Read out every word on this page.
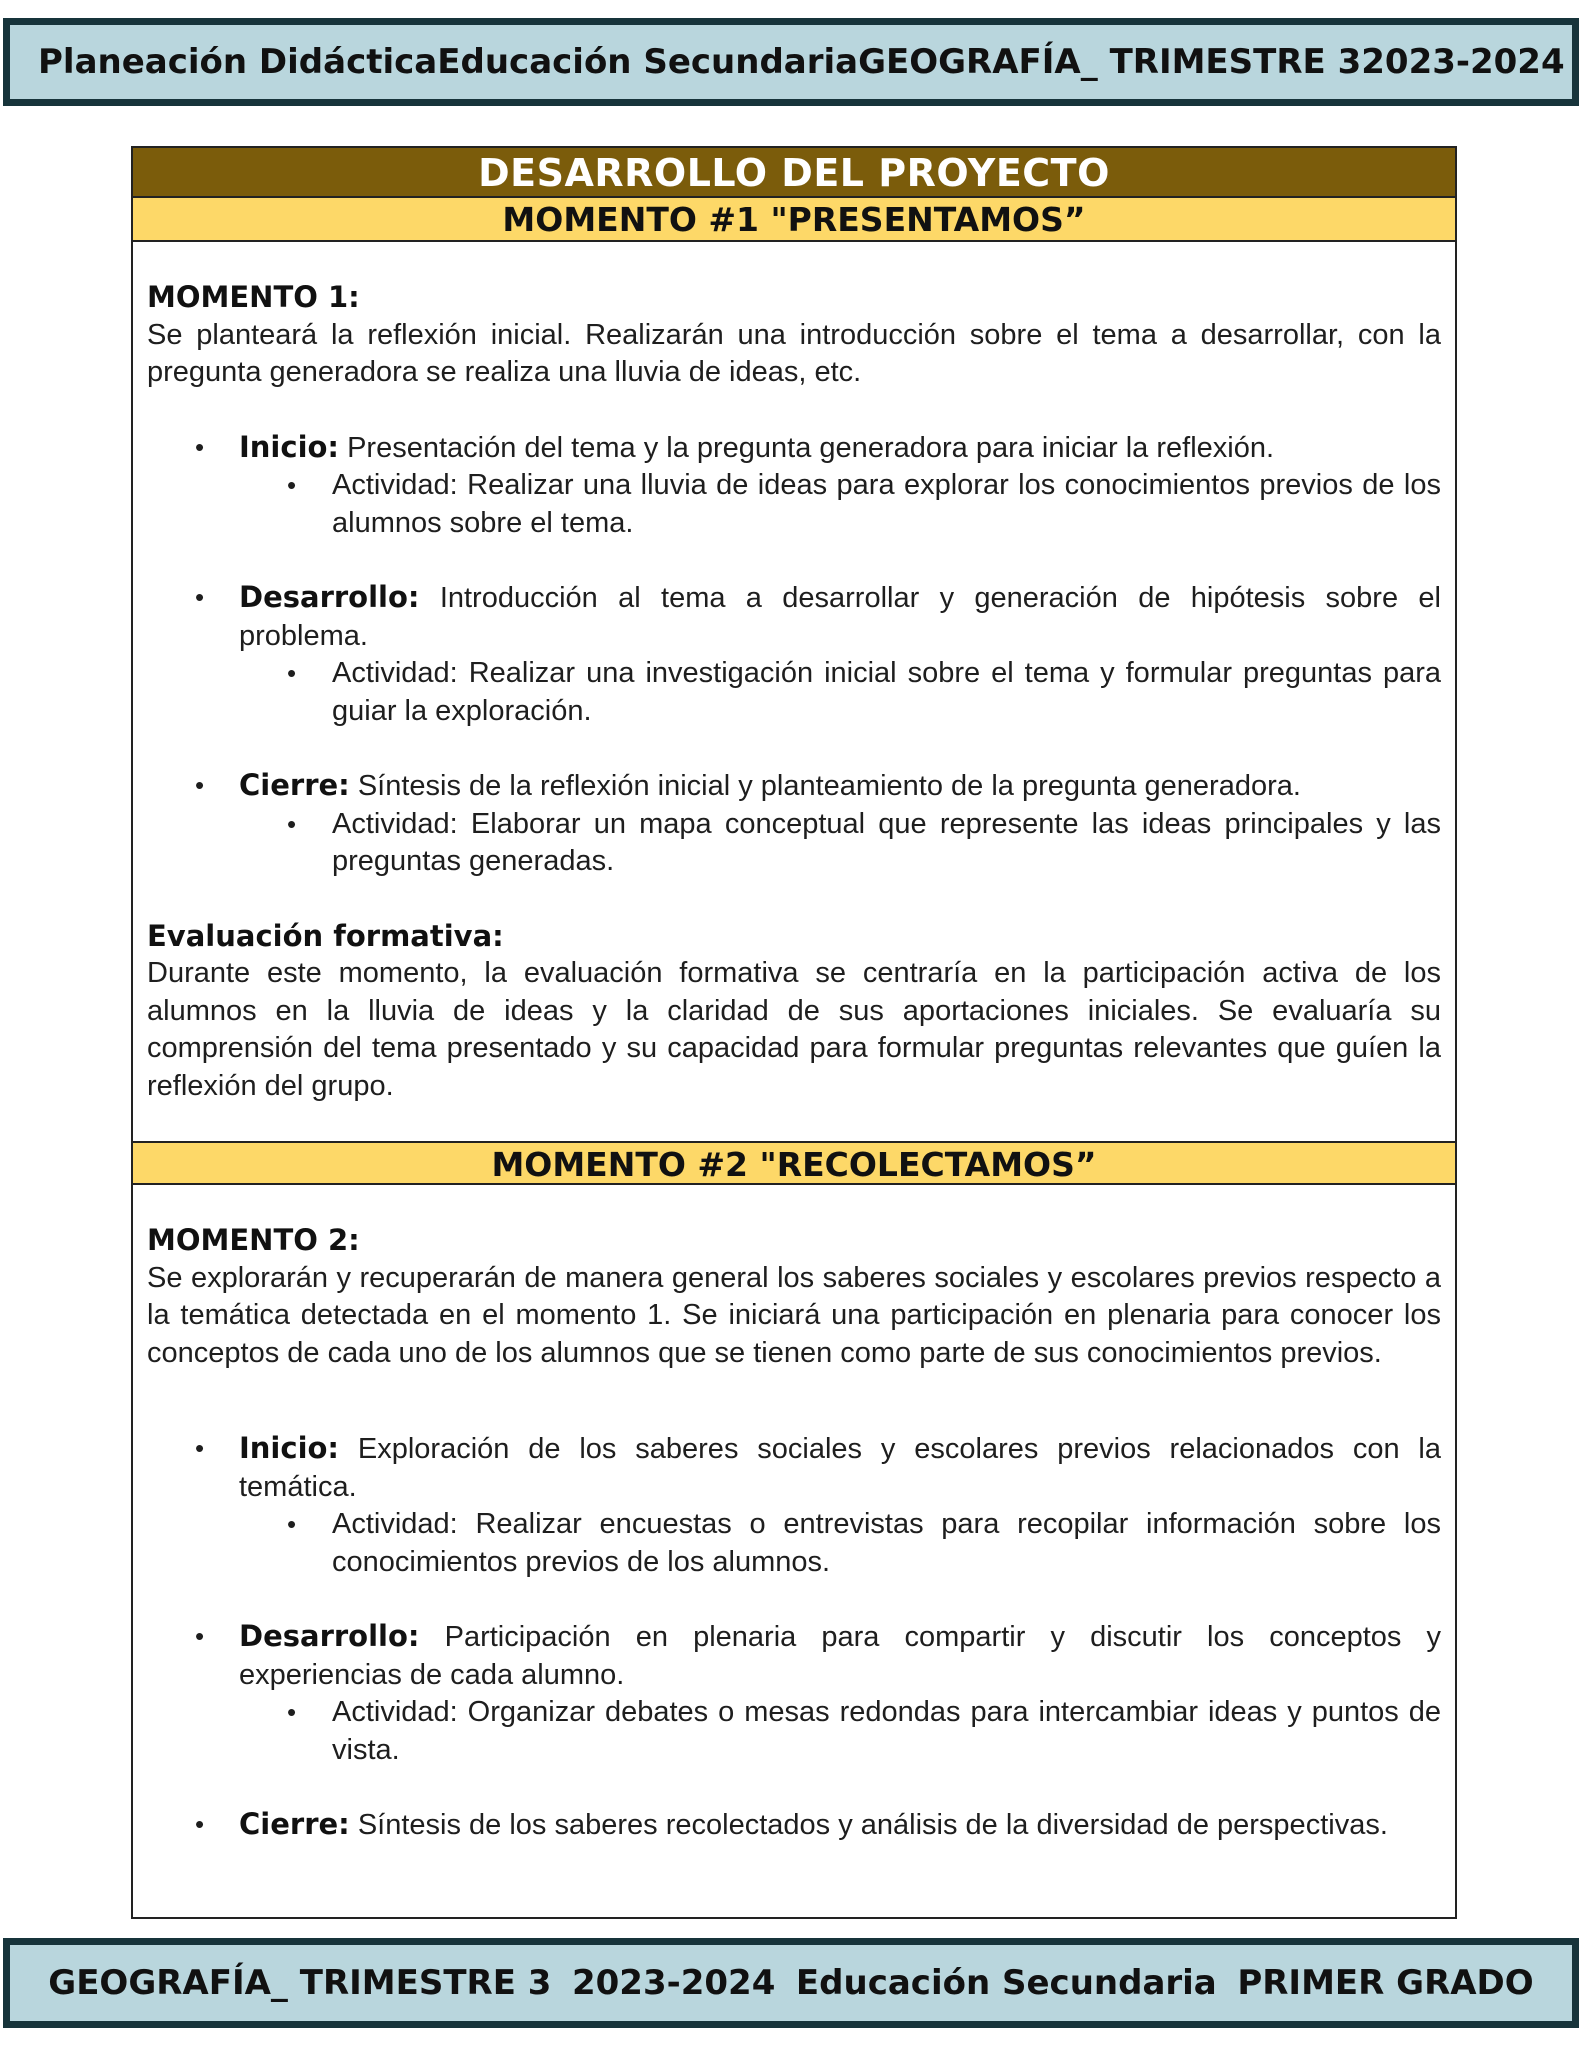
Planeación Didáctica Educación Secundaria GEOGRAFÍA_ TRIMESTRE 3 2023-2024
DESARROLLO DEL PROYECTO
MOMENTO #1 "PRESENTAMOS”
MOMENTO 1:

Se planteará la reflexión inicial. Realizarán una introducción sobre el tema a desarrollar, con la pregunta generadora se realiza una lluvia de ideas, etc.

• Inicio: Presentación del tema y la pregunta generadora para iniciar la reflexión.
• Actividad: Realizar una lluvia de ideas para explorar los conocimientos previos de los alumnos sobre el tema.
• Desarrollo: Introducción al tema a desarrollar y generación de hipótesis sobre el problema.
• Actividad: Realizar una investigación inicial sobre el tema y formular preguntas para guiar la exploración.
• Cierre: Síntesis de la reflexión inicial y planteamiento de la pregunta generadora.
• Actividad: Elaborar un mapa conceptual que represente las ideas principales y las preguntas generadas.
Evaluación formativa:

Durante este momento, la evaluación formativa se centraría en la participación activa de los alumnos en la lluvia de ideas y la claridad de sus aportaciones iniciales. Se evaluaría su comprensión del tema presentado y su capacidad para formular preguntas relevantes que guíen la reflexión del grupo.

MOMENTO #2 "RECOLECTAMOS”
MOMENTO 2:

Se explorarán y recuperarán de manera general los saberes sociales y escolares previos respecto a la temática detectada en el momento 1. Se iniciará una participación en plenaria para conocer los conceptos de cada uno de los alumnos que se tienen como parte de sus conocimientos previos.

• Inicio: Exploración de los saberes sociales y escolares previos relacionados con la temática.
• Actividad: Realizar encuestas o entrevistas para recopilar información sobre los conocimientos previos de los alumnos.
• Desarrollo: Participación en plenaria para compartir y discutir los conceptos y experiencias de cada alumno.
• Actividad: Organizar debates o mesas redondas para intercambiar ideas y puntos de vista.
• Cierre: Síntesis de los saberes recolectados y análisis de la diversidad de perspectivas.
GEOGRAFÍA_ TRIMESTRE 3 2023-2024 Educación Secundaria PRIMER GRADO
